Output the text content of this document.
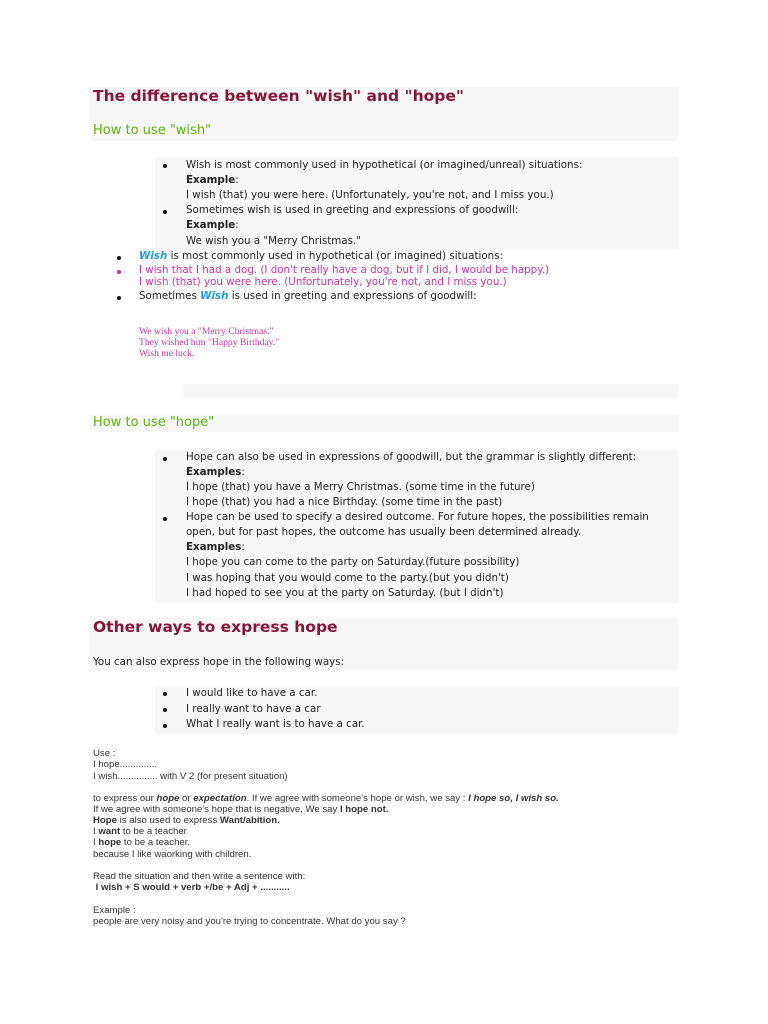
The difference between "wish" and "hope"
How to use "wish"
Wish is most commonly used in hypothetical (or imagined/unreal) situations:
Example:
I wish (that) you were here. (Unfortunately, you're not, and I miss you.)
Sometimes wish is used in greeting and expressions of goodwill:
Example:
We wish you a "Merry Christmas."
Wish is most commonly used in hypothetical (or imagined) situations:
I wish that I had a dog. (I don't really have a dog, but if I did, I would be happy.)
I wish (that) you were here. (Unfortunately, you're not, and I miss you.)
Sometimes Wish is used in greeting and expressions of goodwill:
We wish you a "Merry Christmas."
They wished him "Happy Birthday."
Wish me luck.
How to use "hope"
Hope can also be used in expressions of goodwill, but the grammar is slightly different:
Examples:
I hope (that) you have a Merry Christmas. (some time in the future)
I hope (that) you had a nice Birthday. (some time in the past)
Hope can be used to specify a desired outcome. For future hopes, the possibilities remain
open, but for past hopes, the outcome has usually been determined already.
Examples:
I hope you can come to the party on Saturday.(future possibility)
I was hoping that you would come to the party.(but you didn't)
I had hoped to see you at the party on Saturday. (but I didn't)
Other ways to express hope
You can also express hope in the following ways:
I would like to have a car.
I really want to have a car
What I really want is to have a car.
Use :
I hope..............
I wish............... with V 2 (for present situation)
to express our hope or expectation. If we agree with someone's hope or wish, we say : I hope so, I wish so.
If we agree with someone's hope that is negative, We say I hope not.
Hope is also used to express Want/abition.
I want to be a teacher
I hope to be a teacher.
because I like waorking with children.
Read the situation and then write a sentence with:
I wish + S would + verb +/be + Adj + ...........
Example :
people are very noisy and you're trying to concentrate. What do you say ?
